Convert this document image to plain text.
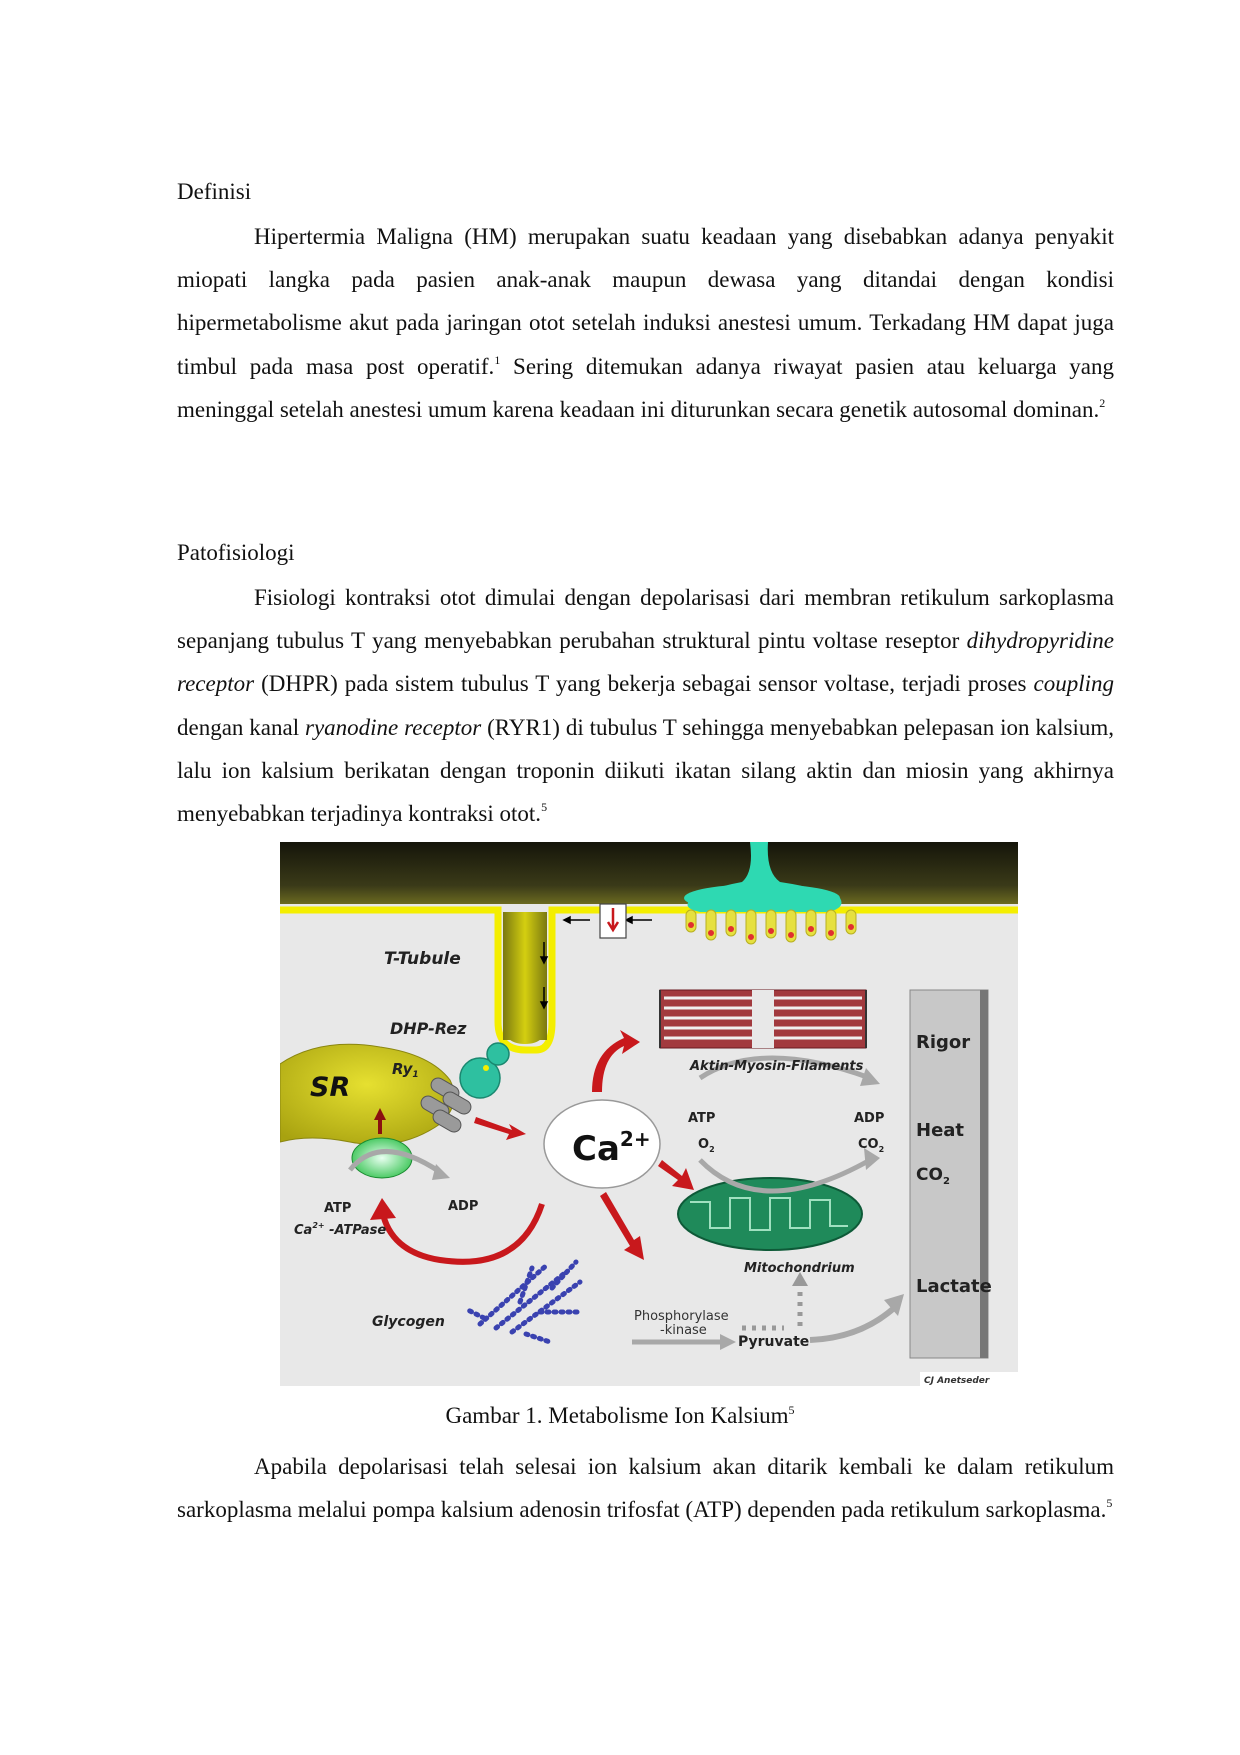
Definisi

Hipertermia Maligna (HM) merupakan suatu keadaan yang disebabkan adanya penyakit miopati langka pada pasien anak-anak maupun dewasa yang ditandai dengan kondisi hipermetabolisme akut pada jaringan otot setelah induksi anestesi umum. Terkadang HM dapat juga timbul pada masa post operatif.$^1$ Sering ditemukan adanya riwayat pasien atau keluarga yang meninggal setelah anestesi umum karena keadaan ini diturunkan secara genetik autosomal dominan.$^2$

Patofisiologi

Fisiologi kontraksi otot dimulai dengan depolarisasi dari membran retikulum sarkoplasma sepanjang tubulus T yang menyebabkan perubahan struktural pintu voltase reseptor dihydropyridine receptor (DHPR) pada sistem tubulus T yang bekerja sebagai sensor voltase, terjadi proses coupling dengan kanal ryanodine receptor (RYR1) di tubulus T sehingga menyebabkan pelepasan ion kalsium, lalu ion kalsium berikatan dengan troponin diikuti ikatan silang aktin dan miosin yang akhirnya menyebabkan terjadinya kontraksi otot.$^5$

T-Tubule
DHP-Rez
$Ry_1$
SR
$Ca^{2+}$
ATP	ADP
$Ca^{2+}$ -ATPase
Aktin-Myosin-Filaments
ATP
$O_2$
ADP
$CO_2$
Mitochondrium
Glycogen	Phosphorylase
-kinase
Pyruvate
Rigor
Heat
$CO_2$
Lactate
CJ Anetseder

Gambar 1. Metabolisme Ion Kalsium$^5$

Apabila depolarisasi telah selesai ion kalsium akan ditarik kembali ke dalam retikulum sarkoplasma melalui pompa kalsium adenosin trifosfat (ATP) dependen pada retikulum sarkoplasma.$^5$
